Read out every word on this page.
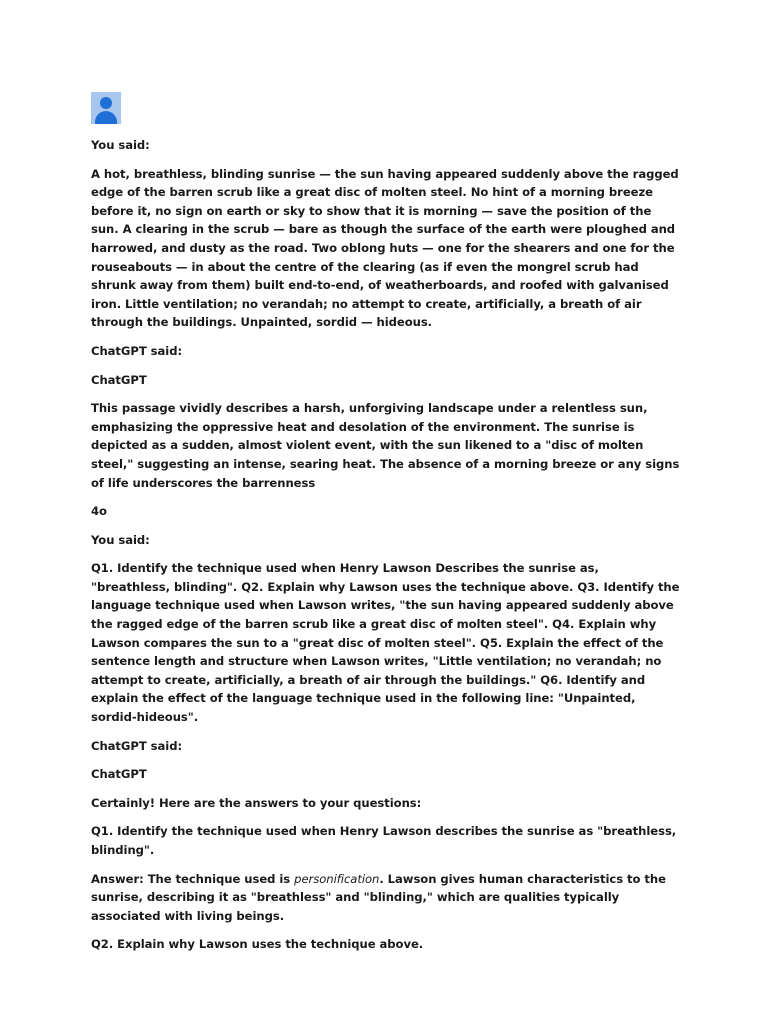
You said:

A hot, breathless, blinding sunrise — the sun having appeared suddenly above the ragged edge of the barren scrub like a great disc of molten steel. No hint of a morning breeze before it, no sign on earth or sky to show that it is morning — save the position of the sun. A clearing in the scrub — bare as though the surface of the earth were ploughed and harrowed, and dusty as the road. Two oblong huts — one for the shearers and one for the rouseabouts — in about the centre of the clearing (as if even the mongrel scrub had shrunk away from them) built end-to-end, of weatherboards, and roofed with galvanised iron. Little ventilation; no verandah; no attempt to create, artificially, a breath of air through the buildings. Unpainted, sordid — hideous.

ChatGPT said:

ChatGPT

This passage vividly describes a harsh, unforgiving landscape under a relentless sun, emphasizing the oppressive heat and desolation of the environment. The sunrise is depicted as a sudden, almost violent event, with the sun likened to a "disc of molten steel," suggesting an intense, searing heat. The absence of a morning breeze or any signs of life underscores the barrenness

4o

You said:

Q1. Identify the technique used when Henry Lawson Describes the sunrise as, "breathless, blinding". Q2. Explain why Lawson uses the technique above. Q3. Identify the language technique used when Lawson writes, "the sun having appeared suddenly above the ragged edge of the barren scrub like a great disc of molten steel". Q4. Explain why Lawson compares the sun to a "great disc of molten steel". Q5. Explain the effect of the sentence length and structure when Lawson writes, "Little ventilation; no verandah; no attempt to create, artificially, a breath of air through the buildings." Q6. Identify and explain the effect of the language technique used in the following line: "Unpainted, sordid-hideous".

ChatGPT said:

ChatGPT

Certainly! Here are the answers to your questions:

Q1. Identify the technique used when Henry Lawson describes the sunrise as "breathless, blinding".

Answer: The technique used is personification. Lawson gives human characteristics to the sunrise, describing it as "breathless" and "blinding," which are qualities typically associated with living beings.

Q2. Explain why Lawson uses the technique above.
